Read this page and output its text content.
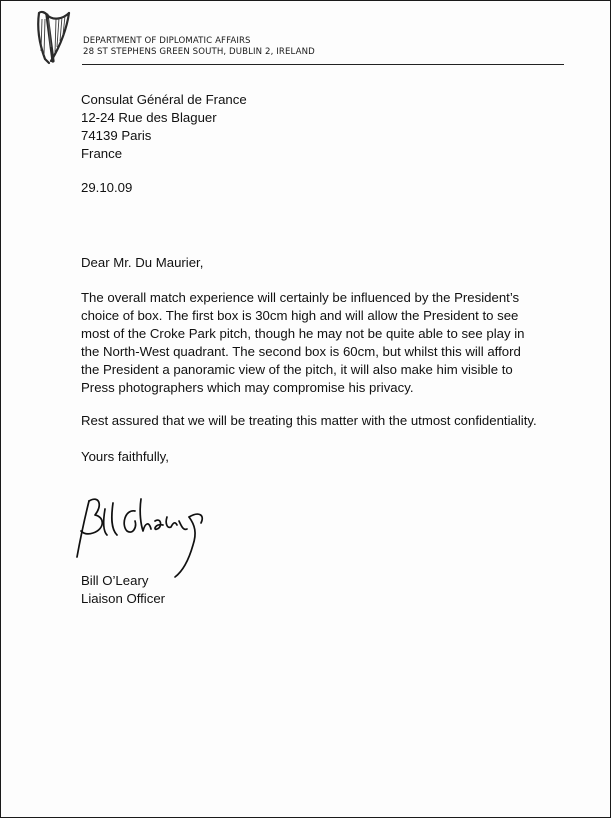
DEPARTMENT OF DIPLOMATIC AFFAIRS
28 ST STEPHENS GREEN SOUTH, DUBLIN 2, IRELAND
Consulat Général de France
12-24 Rue des Blaguer
74139 Paris
France
29.10.09
Dear Mr. Du Maurier,
The overall match experience will certainly be influenced by the President’s
choice of box. The first box is 30cm high and will allow the President to see
most of the Croke Park pitch, though he may not be quite able to see play in
the North-West quadrant. The second box is 60cm, but whilst this will afford
the President a panoramic view of the pitch, it will also make him visible to
Press photographers which may compromise his privacy.
Rest assured that we will be treating this matter with the utmost confidentiality.
Yours faithfully,
Bill O’Leary
Liaison Officer
